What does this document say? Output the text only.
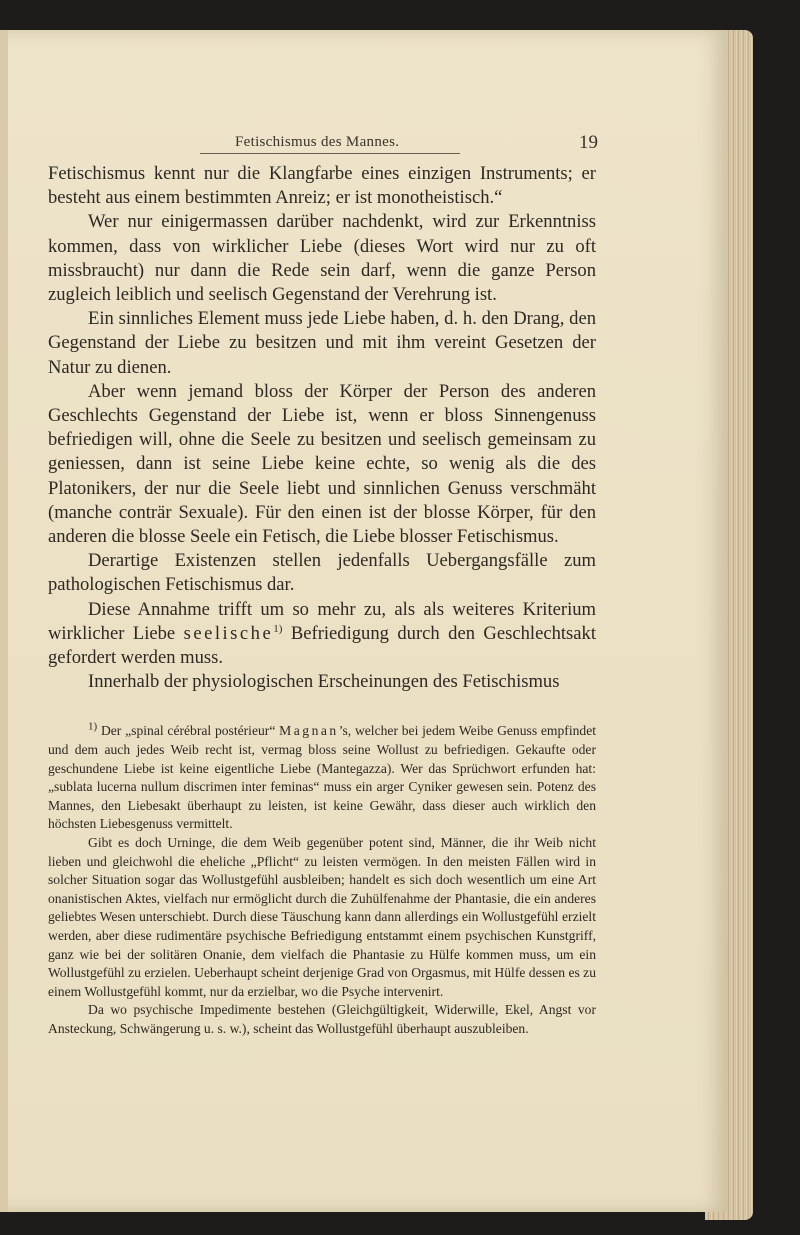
Fetischismus des Mannes.	19

Fetischismus kennt nur die Klangfarbe eines einzigen Instruments; er besteht aus einem bestimmten Anreiz; er ist monotheistisch.“

Wer nur einigermassen darüber nachdenkt, wird zur Erkenntniss kommen, dass von wirklicher Liebe (dieses Wort wird nur zu oft missbraucht) nur dann die Rede sein darf, wenn die ganze Person zugleich leiblich und seelisch Gegenstand der Verehrung ist.

Ein sinnliches Element muss jede Liebe haben, d. h. den Drang, den Gegenstand der Liebe zu besitzen und mit ihm vereint Gesetzen der Natur zu dienen.

Aber wenn jemand bloss der Körper der Person des anderen Geschlechts Gegenstand der Liebe ist, wenn er bloss Sinnengenuss befriedigen will, ohne die Seele zu besitzen und seelisch gemeinsam zu geniessen, dann ist seine Liebe keine echte, so wenig als die des Platonikers, der nur die Seele liebt und sinnlichen Genuss verschmäht (manche conträr Sexuale). Für den einen ist der blosse Körper, für den anderen die blosse Seele ein Fetisch, die Liebe blosser Fetischismus.

Derartige Existenzen stellen jedenfalls Uebergangsfälle zum pathologischen Fetischismus dar.

Diese Annahme trifft um so mehr zu, als als weiteres Kriterium wirklicher Liebe seelische$^{1)}$ Befriedigung durch den Geschlechtsakt gefordert werden muss.

Innerhalb der physiologischen Erscheinungen des Fetischismus

$^{1)}$ Der „spinal cérébral postérieur“ Magnan’s, welcher bei jedem Weibe Genuss empfindet und dem auch jedes Weib recht ist, vermag bloss seine Wollust zu befriedigen. Gekaufte oder geschundene Liebe ist keine eigentliche Liebe (Mantegazza). Wer das Sprüchwort erfunden hat: „sublata lucerna nullum discrimen inter feminas“ muss ein arger Cyniker gewesen sein. Potenz des Mannes, den Liebesakt überhaupt zu leisten, ist keine Gewähr, dass dieser auch wirklich den höchsten Liebesgenuss vermittelt.

Gibt es doch Urninge, die dem Weib gegenüber potent sind, Männer, die ihr Weib nicht lieben und gleichwohl die eheliche „Pflicht“ zu leisten vermögen. In den meisten Fällen wird in solcher Situation sogar das Wollustgefühl ausbleiben; handelt es sich doch wesentlich um eine Art onanistischen Aktes, vielfach nur ermöglicht durch die Zuhülfenahme der Phantasie, die ein anderes geliebtes Wesen unterschiebt. Durch diese Täuschung kann dann allerdings ein Wollustgefühl erzielt werden, aber diese rudimentäre psychische Befriedigung entstammt einem psychischen Kunstgriff, ganz wie bei der solitären Onanie, dem vielfach die Phantasie zu Hülfe kommen muss, um ein Wollustgefühl zu erzielen. Ueberhaupt scheint derjenige Grad von Orgasmus, mit Hülfe dessen es zu einem Wollustgefühl kommt, nur da erzielbar, wo die Psyche intervenirt.

Da wo psychische Impedimente bestehen (Gleichgültigkeit, Widerwille, Ekel, Angst vor Ansteckung, Schwängerung u. s. w.), scheint das Wollustgefühl überhaupt auszubleiben.
